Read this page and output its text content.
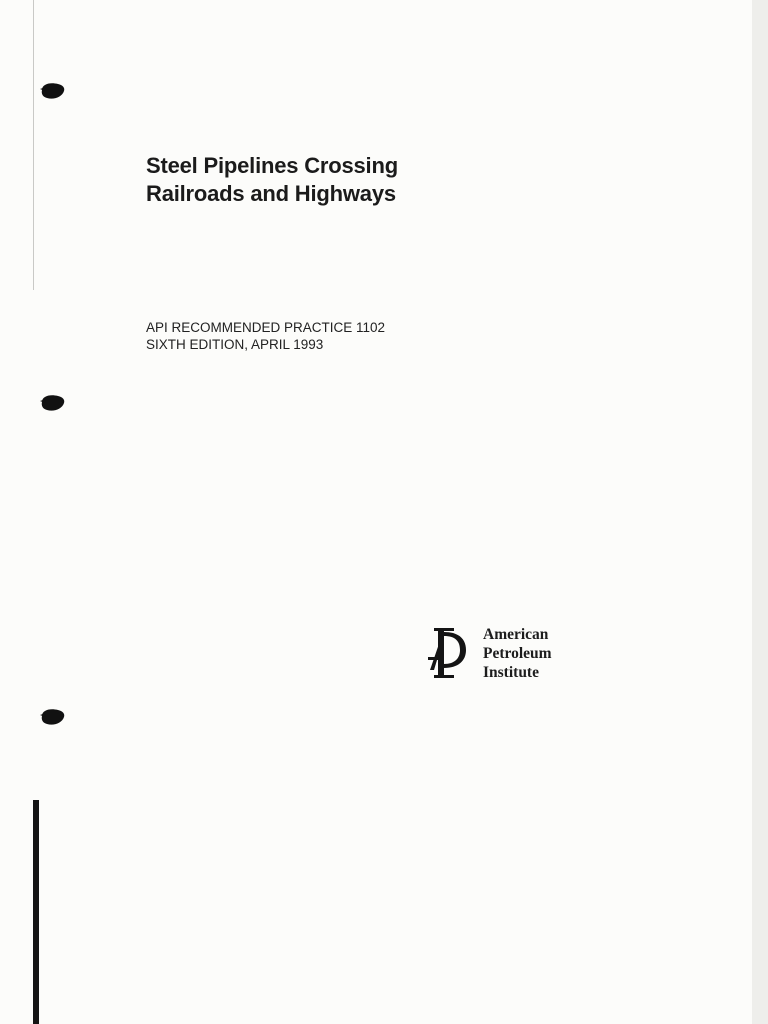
Steel Pipelines Crossing
Railroads and Highways
API RECOMMENDED PRACTICE 1102
SIXTH EDITION, APRIL 1993
American
Petroleum
Institute
